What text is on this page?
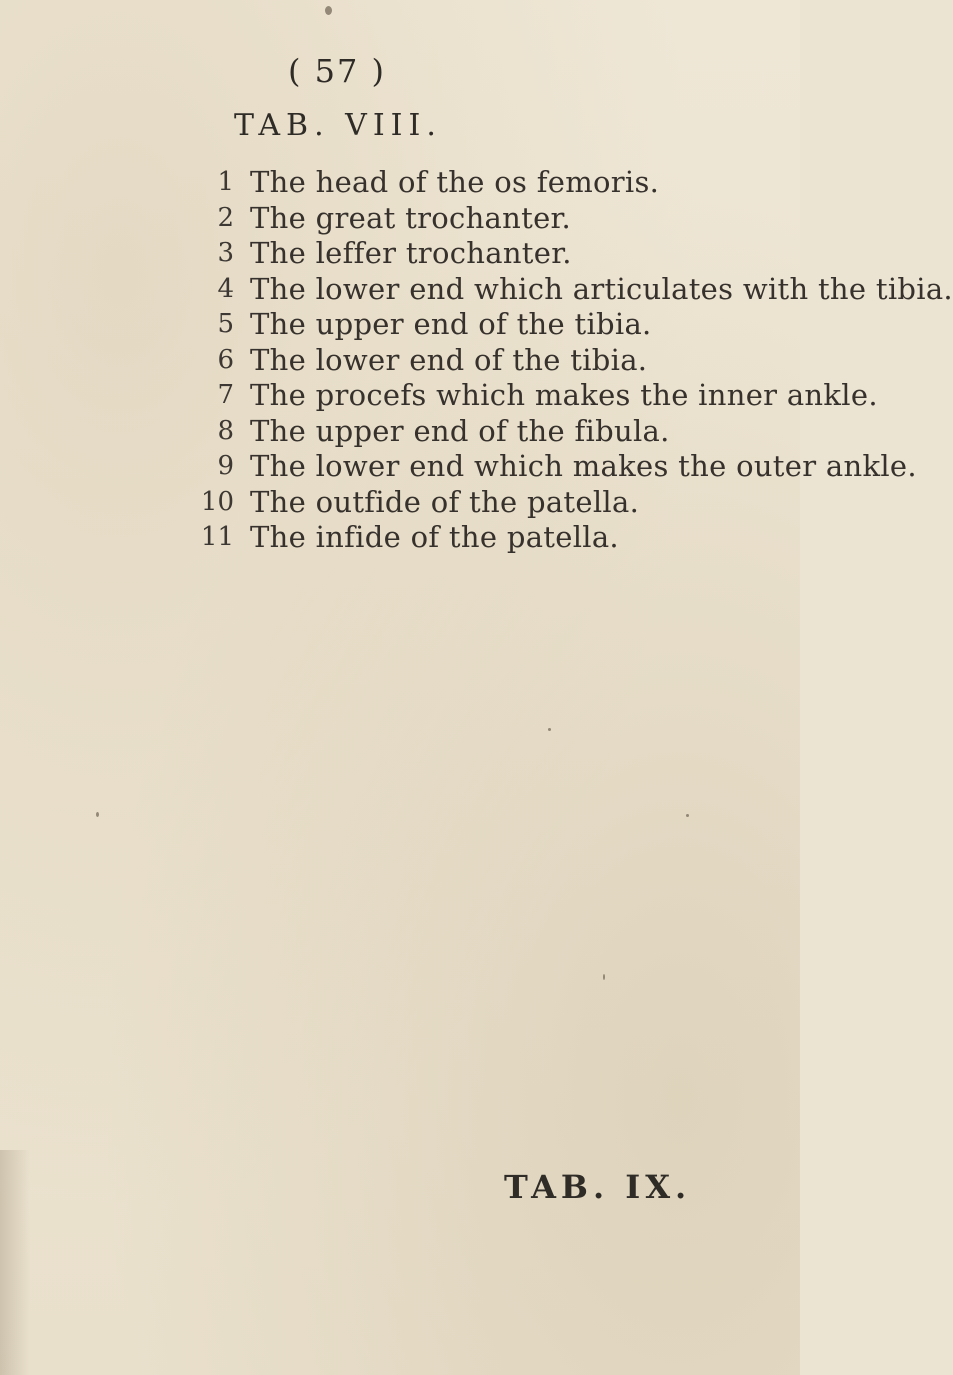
( 57 )
TAB. VIII.
1 The head of the os femoris.
2 The great trochanter.
3 The leffer trochanter.
4 The lower end which articulates with the tibia.
5 The upper end of the tibia.
6 The lower end of the tibia.
7 The procefs which makes the inner ankle.
8 The upper end of the fibula.
9 The lower end which makes the outer ankle.
10 The outfide of the patella.
11 The infide of the patella.
TAB. IX.
